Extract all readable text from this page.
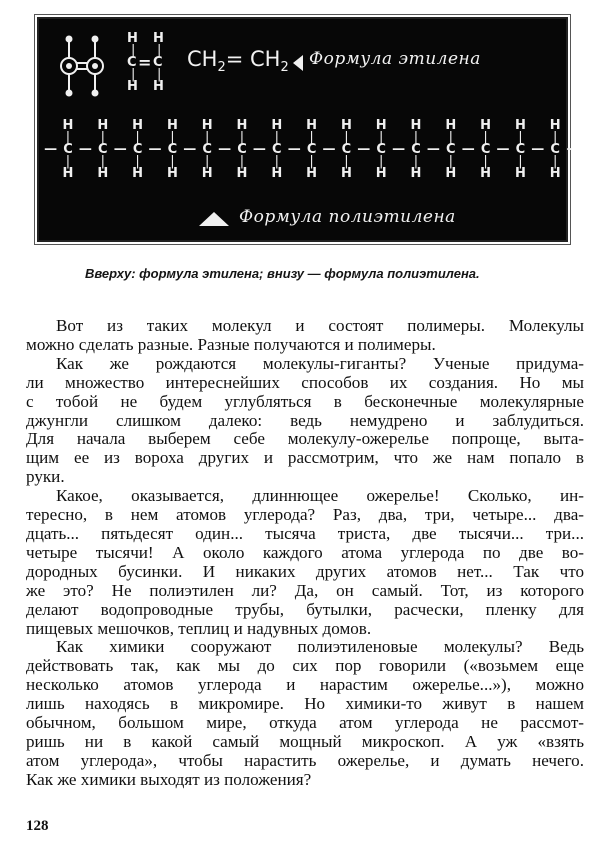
H H
| |
C = C
| |
H H
$CH_2= CH_2$ Формула этилена
H
|
C
|
H
—
H
|
C
|
H
—
H
|
C
|
H
—
H
|
C
|
H
—
H
|
C
|
H
—
H
|
C
|
H
—
H
|
C
|
H
—
H
|
C
|
H
—
H
|
C
|
H
—
H
|
C
|
H
—
H
|
C
|
H
—
H
|
C
|
H
—
H
|
C
|
H
—
H
|
C
|
H
—
H
|
C
|
H
—	-
Формула полиэтилена
Вверху: формула этилена; внизу — формула полиэтилена.

Вот из таких молекул и состоят полимеры. Молекулы
можно сделать разные. Разные получаются и полимеры.

Как же рождаются молекулы-гиганты? Ученые придума-
ли множество интереснейших способов их создания. Но мы
с тобой не будем углубляться в бесконечные молекулярные
джунгли слишком далеко: ведь немудрено и заблудиться.
Для начала выберем себе молекулу-ожерелье попроще, выта-
щим ее из вороха других и рассмотрим, что же нам попало в
руки.

Какое, оказывается, длиннющее ожерелье! Сколько, ин-
тересно, в нем атомов углерода? Раз, два, три, четыре... два-
дцать... пятьдесят один... тысяча триста, две тысячи... три...
четыре тысячи! А около каждого атома углерода по две во-
дородных бусинки. И никаких других атомов нет... Так что
же это? Не полиэтилен ли? Да, он самый. Тот, из которого
делают водопроводные трубы, бутылки, расчески, пленку для
пищевых мешочков, теплиц и надувных домов.

Как химики сооружают полиэтиленовые молекулы? Ведь
действовать так, как мы до сих пор говорили («возьмем еще
несколько атомов углерода и нарастим ожерелье...»), можно
лишь находясь в микромире. Но химики-то живут в нашем
обычном, большом мире, откуда атом углерода не рассмот-
ришь ни в какой самый мощный микроскоп. А уж «взять
атом углерода», чтобы нарастить ожерелье, и думать нечего.
Как же химики выходят из положения?

128
